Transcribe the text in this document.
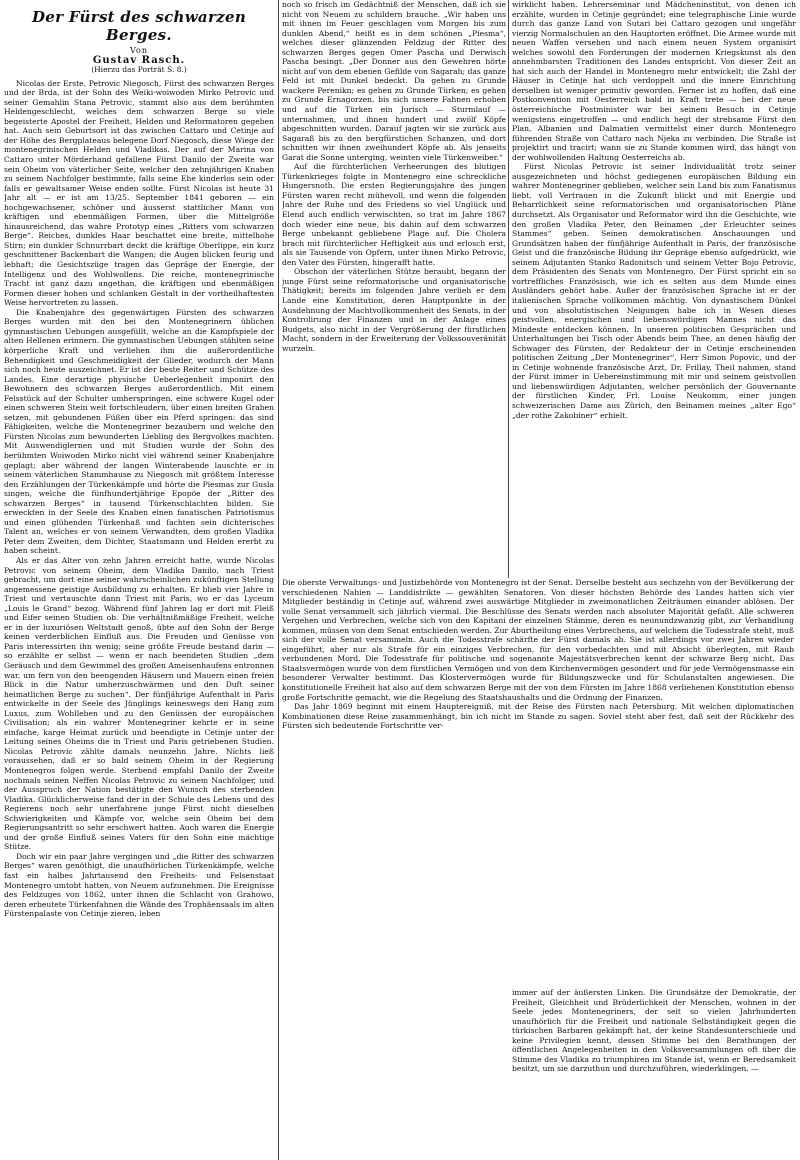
Der Fürst des schwarzen Berges.

Von

Gustav Rasch.

(Hierzu das Porträt S. 8.)

Nicolas der Erste, Petrovic Niegosch, Fürst des schwarzen Berges und der Brda, ist der Sohn des Weiki-woiwoden Mirko Petrovic und seiner Gemahlin Stana Petrovic, stammt also aus dem berühmten Heldengeschlecht, welches dem schwarzen Berge so viele begeisterte Apostel der Freiheit, Helden und Reformatoren gegeben hat. Auch sein Geburtsort ist das zwischen Cattaro und Cetinje auf der Höhe des Bergplateaus belegene Dorf Niegosch, diese Wiege der montenegrinischen Helden und Vladikas. Der auf der Marina von Cattaro unter Mörderhand gefallene Fürst Danilo der Zweite war sein Oheim von väterlicher Seite, welcher den zehnjährigen Knaben zu seinem Nachfolger bestimmte, falls seine Ehe kinderlos sein oder falls er gewaltsamer Weise enden sollte. Fürst Nicolas ist heute 31 Jahr alt — er ist am 13/25. September 1841 geboren — ein hochgewachsener, schöner und äusserst stattlicher Mann von kräftigen und ebenmäßigen Formen, über die Mittelgröße hinausreichend, das wahre Prototyp eines „Ritters vom schwarzen Berge“. Reiches, dunkles Haar beschattet eine breite, mittelhohe Stirn; ein dunkler Schnurrbart deckt die kräftige Oberlippe, ein kurz geschnittener Backenbart die Wangen; die Augen blicken feurig und lebhaft; die Gesichtszüge tragen das Gepräge der Energie, der Intelligenz und des Wohlwollens. Die reiche, montenegrinische Tracht ist ganz dazu angethan, die kräftigen und ebenmäßigen Formen dieser hohen und schlanken Gestalt in der vortheilhaftesten Weise hervortreten zu lassen.

Die Knabenjahre des gegenwärtigen Fürsten des schwarzen Berges wurden mit den bei den Montenegrinern üblichen gymnastischen Uebungen ausgefüllt, welche an die Kampfspiele der alten Hellenen erinnern. Die gymnastischen Uebungen stählten seine körperliche Kraft und verliehen ihm die außerordentliche Behendigkeit und Geschmeidigkeit der Glieder, wodurch der Mann sich noch heute auszeichnet. Er ist der beste Reiter und Schütze des Landes. Eine derartige physische Ueberlegenheit imponirt den Bewohnern des schwarzen Berges außerordentlich. Mit einem Felsstück auf der Schulter umherspringen, eine schwere Kugel oder einen schweren Stein weit fortschleudern, über einen breiten Graben setzen, mit gebundenen Füßen über ein Pferd springen: das sind Fähigkeiten, welche die Montenegriner bezaubern und welche den Fürsten Nicolas zum bewunderten Liebling des Bergvolkes machten. Mit Auswendiglernen und mit Studien wurde der Sohn des berühmten Woiwoden Mirko nicht viel während seiner Knabenjahre geplagt; aber während der langen Winterabende lauschte er in seinem väterlichen Stammhause zu Niegosch mit größtem Interesse den Erzählungen der Türkenkämpfe und hörte die Piesmas zur Gusla singen, welche die fünfhundertjährige Epopöe der „Ritter des schwarzen Berges“ in tausend Türkenschlachten bilden. Sie erweckten in der Seele des Knaben einen fanatischen Patriotismus und einen glühenden Türkenhaß und fachten sein dichterisches Talent an, welches er von seinem Verwandten, dem großen Vladika Peter dem Zweiten, dem Dichter, Staatsmann und Helden ererbt zu haben scheint.

Als er das Alter von zehn Jahren erreicht hatte, wurde Nicolas Petrovic von seinem Oheim, dem Vladika Danilo, nach Triest gebracht, um dort eine seiner wahrscheinlichen zukünftigen Stellung angemessene geistige Ausbildung zu erhalten. Er blieb vier Jahre in Triest und vertauschte dann Triest mit Paris, wo er das Lyceum „Louis le Grand“ bezog. Während fünf Jahren lag er dort mit Fleiß und Eifer seinen Studien ob. Die verhältnißmäßige Freiheit, welche er in der luxuriösen Weltstadt genoß, übte auf den Sohn der Berge keinen verderblichen Einfluß aus. Die Freuden und Genüsse von Paris interessirten ihn wenig; seine größte Freude bestand darin — so erzählte er selbst — wenn er nach beendeten Studien „dem Geräusch und dem Gewimmel des großen Ameisenhaufens entronnen war, um fern von den beengenden Häusern und Mauern einen freien Blick in die Natur umherzuschwärmen und den Duft seiner heimatlichen Berge zu suchen“. Der fünfjährige Aufenthalt in Paris entwickelte in der Seele des Jünglings keineswegs den Hang zum Luxus, zum Wohlleben und zu den Genüssen der europäischen Civilisation; als ein wahrer Montenegriner kehrte er in seine einfache, karge Heimat zurück und beendigte in Cetinje unter der Leitung seines Oheims die in Triest und Paris getriebenen Studien. Nicolas Petrovic zählte damals neunzehn Jahre. Nichts ließ voraussehen, daß er so bald seinem Oheim in der Regierung Montenegros folgen werde. Sterbend empfahl Danilo der Zweite nochmals seinen Neffen Nicolas Petrovic zu seinem Nachfolger, und der Ausspruch der Nation bestätigte den Wunsch des sterbenden Vladika. Glücklicherweise fand der in der Schule des Lebens und des Regierens noch sehr unerfahrene junge Fürst nicht dieselben Schwierigkeiten und Kämpfe vor, welche sein Oheim bei dem Regierungsantritt so sehr erschwert hatten. Auch waren die Energie und der große Einfluß seines Vaters für den Sohn eine mächtige Stütze.

Doch wir ein paar Jahre vergingen und „die Ritter des schwarzen Berges“ waren genöthigt, die unaufhörlichen Türkenkämpfe, welche fast ein halbes Jahrtausend den Freiheits- und Felsenstaat Montenegro umtobt hatten, von Neuem aufzunehmen. Die Ereignisse des Feldzuges von 1862, unter ihnen die Schlacht von Grahowo, deren erbeutete Türkenfahnen die Wände des Trophäensaals im alten Fürstenpalaste von Cetinje zieren, leben

noch so frisch im Gedächtniß der Menschen, daß ich sie nicht von Neuem zu schildern brauche. „Wir haben uns mit ihnen im Feuer geschlagen vom Morgen bis zum dunklen Abend,“ heißt es in dem schönen „Piesma“, welches dieser glänzenden Feldzug der Ritter des schwarzen Berges gegen Omer Pascha und Derwisch Pascha besingt. „Der Donner aus den Gewehren hörte nicht auf von dem ebenen Gefilde von Sagarah; das ganze Feld ist mit Dunkel bedeckt. Da gehen zu Grunde wackere Perenikn; es gehen zu Grunde Türken; es gehen zu Grunde Ernagorzen, bis sich unsere Fahnen erhoben und auf die Türken ein Jurisch — Sturmlauf — unternahmen, und ihnen hundert und zwölf Köpfe abgeschnitten wurden. Darauf jagten wir sie zurück aus Sagaraß bis zu den bergfürstichen Schanzen, und dort schnitten wir ihnen zweihundert Köpfe ab. Als jenseits Garat die Sonne unterging, weinten viele Türkenweiber.“

Auf die fürchterlichen Verheerungen des blutigen Türkenkrieges folgte in Montenegro eine schreckliche Hungersnoth. Die ersten Regierungsjahre des jungen Fürsten waren recht mühevoll, und wenn die folgenden Jahre der Ruhe und des Friedens so viel Unglück und Elend auch endlich verwischten, so trat im Jahre 1867 doch wieder eine neue, bis dahin auf dem schwarzen Berge unbekannt gebliebene Plage auf. Die Cholera brach mit fürchterlicher Heftigkeit aus und erlosch erst, als sie Tausende von Opfern, unter ihnen Mirko Petrovic, den Vater des Fürsten, hingerafft hatte.

Obschon der väterlichen Stütze beraubt, begann der junge Fürst seine reformatorische und organisatorische Thätigkeit; bereits im folgenden Jahre verlieh er dem Lande eine Konstitution, deren Hauptpunkte in der Ausdehnung der Machtvollkommenheit des Senats, in der Kontrolirung der Finanzen und in der Anlage eines Budgets, also nicht in der Vergrößerung der fürstlichen Macht, sondern in der Erweiterung der Volkssouveränität wurzeln.

wirklicht haben. Lehrerseminar und Mädcheninstitut, von denen ich erzählte, wurden in Cetinje gegründet; eine telegraphische Linie wurde durch das ganze Land von Sutari bei Cattaro gezogen und ungefähr vierzig Normalschulen an den Hauptorten eröffnet. Die Armee wurde mit neuen Waffen versehen und nach einem neuen System organisirt welches sowohl den Forderungen der modernen Kriegskunst als den annehmbarsten Traditionen des Landes entspricht. Von dieser Zeit an hat sich auch der Handel in Montenegro mehr entwickelt; die Zahl der Häuser in Cetinje hat sich verdoppelt und die innere Einrichtung derselben ist weniger primitiv geworden. Ferner ist zu hoffen, daß eine Postkonvention mit Oesterreich bald in Kraft trete — bei der neue österreichische Postminister war bei seinem Besuch in Cetinje wenigstens eingetroffen — und endlich hegt der strebsame Fürst den Plan, Albanien und Dalmatien vermittelst einer durch Montenegro führenden Straße von Cattaro nach Njeka zu verbinden. Die Straße ist projektirt und tracirt; wann sie zu Stande kommen wird, das hängt von der wohlwollenden Haltung Oesterreichs ab.

Fürst Nicolas Petrovic ist seiner Individualität trotz seiner ausgezeichneten und höchst gediegenen europäischen Bildung ein wahrer Montenegriner geblieben, welcher sein Land bis zum Fanatismus liebt, voll Vertrauen in die Zukunft blickt und mit Energie und Beharrlichkeit seine reformatorischen und organisatorischen Pläne durchsetzt. Als Organisator und Reformator wird ihn die Geschichte, wie den großen Vladika Peter, den Beinamen „der Erleuchter seines Stammes“ geben. Seinen demokratischen Anschauungen und Grundsätzen haben der fünfjährige Aufenthalt in Paris, der französische Geist und die französische Bildung ihr Gepräge ebenso aufgedrückt, wie seinem Adjutanten Stanko Radonitsch und seinem Vetter Bojo Petrovic, dem Präsidenten des Senats von Montenegro. Der Fürst spricht ein so vortreffliches Französisch, wie ich es selten aus dem Munde eines Ausländers gehört habe. Außer der französischen Sprache ist er der italienischen Sprache vollkommen mächtig. Von dynastischem Dünkel und von absolutistischen Neigungen habe ich in Wesen dieses geistvollen, energischen und liebenswürdigen Mannes nicht das Mindeste entdecken können. In unseren politischen Gesprächen und Unterhaltungen bei Tisch oder Abends beim Thee, an denen häufig der Schwager des Fürsten, der Redakteur der in Cetinje erscheinenden politischen Zeitung „Der Montenegriner“, Herr Simon Popovic, und der in Cetinje wohnende französische Arzt, Dr. Frillay, Theil nahmen, stand der Fürst immer in Uebereinstimmung mit mir und seinem geistvollen und liebenswürdigen Adjutanten, welcher persönlich der Gouvernante der fürstlichen Kinder, Frl. Louise Neukomm, einer jungen schweizerischen Dame aus Zürich, den Beinamen meines „alter Ego“ „der rothe Zakobiner“ erhielt.

Die oberste Verwaltungs- und Justizbehörde von Montenegro ist der Senat. Derselbe besteht aus sechzehn von der Bevölkerung der verschiedenen Nahien — Landdistrikte — gewählten Senatoren. Von dieser höchsten Behörde des Landes hatten sich vier Mitglieder beständig in Cetinje auf, während zwei auswärtige Mitglieder in zweimonatlichen Zeiträumen einander ablösen. Der volle Senat versammelt sich jährlich viermal. Die Beschlüsse des Senats werden nach absoluter Majorität gefaßt. Alle schweren Vergehen und Verbrechen, welche sich von den Kapitani der einzelnen Stämme, deren es neunundzwanzig gibt, zur Verhandlung kommen, müssen von dem Senat entschieden werden. Zur Aburtheilung eines Verbrechens, auf welchem die Todesstrafe steht, muß sich der volle Senat versammeln. Auch die Todesstrafe schärfte der Fürst damals ab. Sie ist allerdings vor zwei Jahren wieder eingeführt, aber nur als Strafe für ein einziges Verbrechen, für den vorbedachten und mit Absicht überlegten, mit Raub verbundenen Mord. Die Todesstrafe für politische und sogenannte Majestätsverbrechen kennt der schwarze Berg nicht. Das Staatsvermögen wurde von dem fürstlichen Vermögen und von dem Kirchenvermögen gesondert und für jede Vermögensmasse ein besonderer Verwalter bestimmt. Das Klostervermögen wurde für Bildungszwecke und für Schulanstalten angewiesen. Die konstitutionelle Freiheit hat also auf dem schwarzen Berge mit der von dem Fürsten im Jahre 1868 verliehenen Konstitution ebenso große Fortschritte gemacht, wie die Regelung des Staatshaushalts und die Ordnung der Finanzen.

Das Jahr 1869 beginnt mit einem Hauptereigniß, mit der Reise des Fürsten nach Petersburg. Mit welchen diplomatischen Kombinationen diese Reise zusammenhängt, bin ich nicht im Stande zu sagen. Soviel steht aber fest, daß seit der Rückkehr des Fürsten sich bedeutende Fortschritte ver-

immer auf der äußersten Linken. Die Grundsätze der Demokratie, der Freiheit, Gleichheit und Brüderlichkeit der Menschen, wohnen in der Seele jedes Montenegriners, der seit so vielen Jahrhunderten unaufhörlich für die Freiheit und nationale Selbständigkeit gegen die türkischen Barbaren gekämpft hat, der keine Standesunterschiede und keine Privilegien kennt, dessen Stimme bei den Berathungen der öffentlichen Angelegenheiten in den Volksversammlungen oft über die Stimme des Vladika zu triumphiren im Stande ist, wenn er Beredsamkeit besitzt, um sie darzuthun und durchzuführen, wiederklingen. —
